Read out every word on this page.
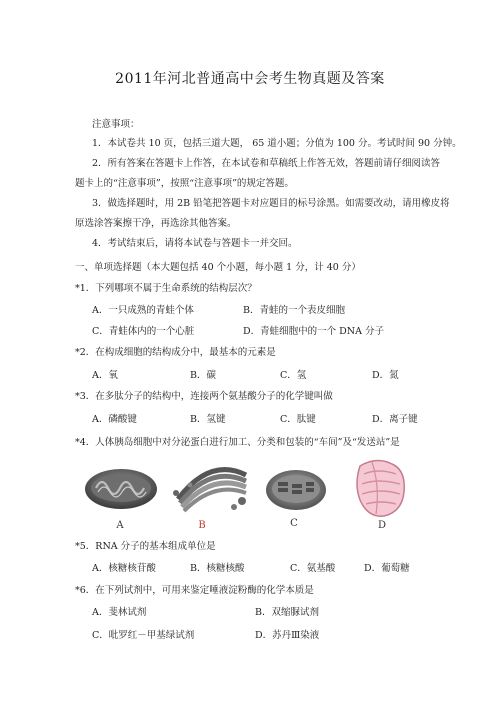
2011年河北普通高中会考生物真题及答案
注意事项：
1．本试卷共 10 页，包括三道大题， 65 道小题；分值为 100 分。考试时间 90 分钟。
2．所有答案在答题卡上作答，在本试卷和草稿纸上作答无效，答题前请仔细阅读答
题卡上的“注意事项”，按照“注意事项”的规定答题。
3．做选择题时，用 2B 铅笔把答题卡对应题目的标号涂黑。如需要改动，请用橡皮将
原选涂答案擦干净，再选涂其他答案。
4．考试结束后，请将本试卷与答题卡一并交回。
一、单项选择题（本大题包括 40 个小题，每小题 1 分，计 40 分）
*1．下列哪项不属于生命系统的结构层次？
A．一只成熟的青蛙个体	B．青蛙的一个表皮细胞
C．青蛙体内的一个心脏	D．青蛙细胞中的一个 DNA 分子
*2．在构成细胞的结构成分中，最基本的元素是
A．氧	B．碳	C．氢	D．氮
*3．在多肽分子的结构中，连接两个氨基酸分子的化学键叫做
A．磷酸键	B．氢键	C．肽键	D．离子键
*4．人体胰岛细胞中对分泌蛋白进行加工、分类和包装的“车间”及“发送站”是
A	B	C	D
*5．RNA 分子的基本组成单位是
A．核糖核苷酸	B．核糖核酸	C．氨基酸	D．葡萄糖
*6．在下列试剂中，可用来鉴定唾液淀粉酶的化学本质是
A．斐林试剂	B．双缩脲试剂
C．吡罗红－甲基绿试剂	D．苏丹Ⅲ染液
